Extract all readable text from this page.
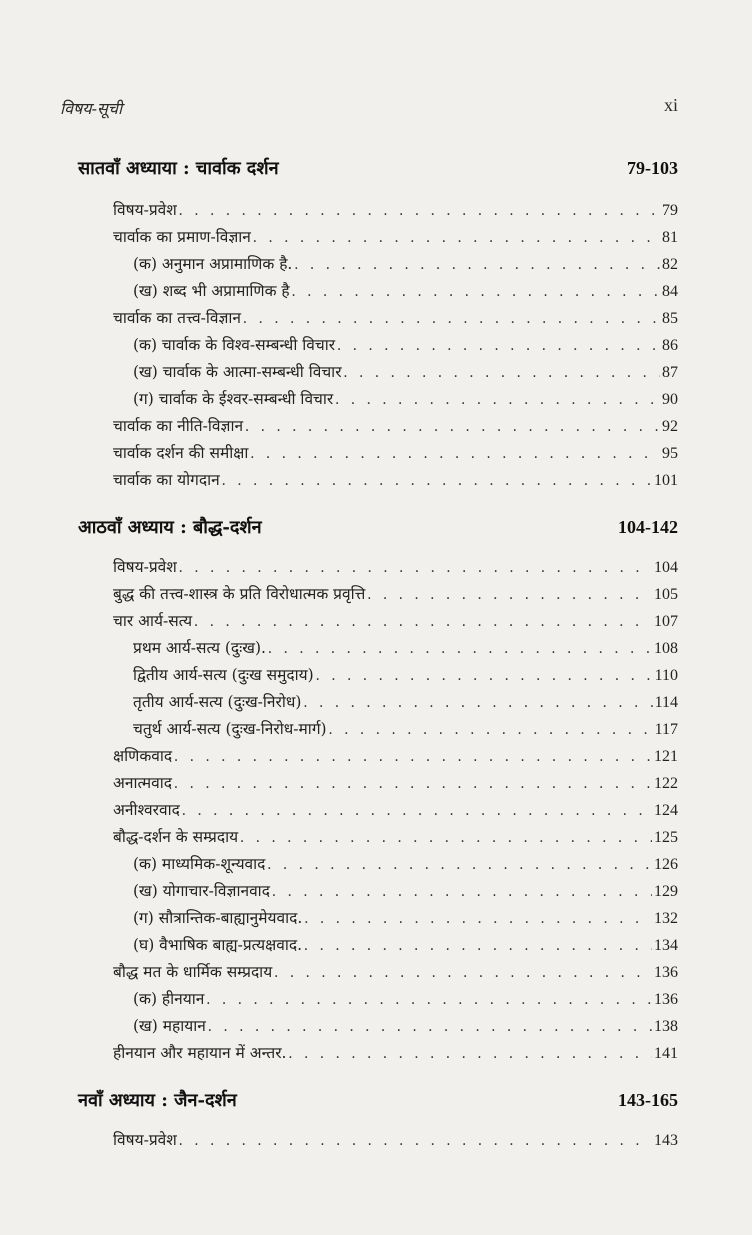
विषय-सूची	xi
सातवाँ अध्याया : चार्वाक दर्शन	79-103
विषय-प्रवेश . . .	79
चार्वाक का प्रमाण-विज्ञान . . .	81
(क) अनुमान अप्रामाणिक है. . . .	82
(ख) शब्द भी अप्रामाणिक है . . .	84
चार्वाक का तत्त्व-विज्ञान . . .	85
(क) चार्वाक के विश्व-सम्बन्धी विचार . . .	86
(ख) चार्वाक के आत्मा-सम्बन्धी विचार . . .	87
(ग) चार्वाक के ईश्वर-सम्बन्धी विचार . . .	90
चार्वाक का नीति-विज्ञान . . .	92
चार्वाक दर्शन की समीक्षा . . .	95
चार्वाक का योगदान . . .	101
आठवाँ अध्याय : बौद्ध-दर्शन	104-142
विषय-प्रवेश . . .	104
बुद्ध की तत्त्व-शास्त्र के प्रति विरोधात्मक प्रवृत्ति . . .	105
चार आर्य-सत्य . . .	107
प्रथम आर्य-सत्य (दुःख). . . .	108
द्वितीय आर्य-सत्य (दुःख समुदाय) . . .	110
तृतीय आर्य-सत्य (दुःख-निरोध) . . .	114
चतुर्थ आर्य-सत्य (दुःख-निरोध-मार्ग) . . .	117
क्षणिकवाद . . .	121
अनात्मवाद . . .	122
अनीश्वरवाद . . .	124
बौद्ध-दर्शन के सम्प्रदाय . . .	125
(क) माध्यमिक-शून्यवाद . . .	126
(ख) योगाचार-विज्ञानवाद . . .	129
(ग) सौत्रान्तिक-बाह्यानुमेयवाद. . . .	132
(घ) वैभाषिक बाह्य-प्रत्यक्षवाद. . . .	134
बौद्ध मत के धार्मिक सम्प्रदाय . . .	136
(क) हीनयान . . .	136
(ख) महायान . . .	138
हीनयान और महायान में अन्तर. . . .	141
नवाँ अध्याय : जैन-दर्शन	143-165
विषय-प्रवेश . . .	143
